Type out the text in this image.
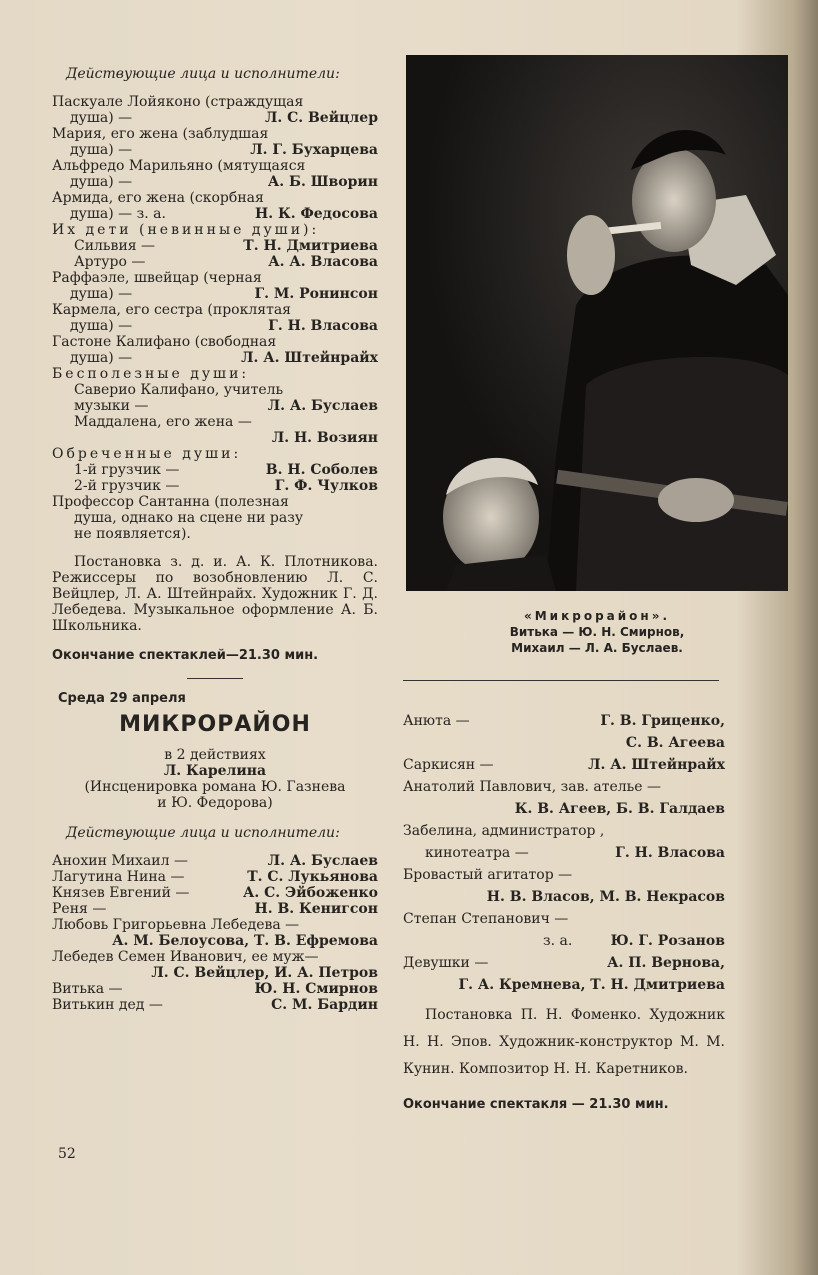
Действующие лица и исполнители:
Паскуале Лойяконо (страждущая
душа) —	Л. С. Вейцлер
Мария, его жена (заблудшая
душа) —	Л. Г. Бухарцева
Альфредо Марильяно (мятущаяся
душа) —	А. Б. Шворин
Армида, его жена (скорбная
душа) — з. а.	Н. К. Федосова
Их дети (невинные души):
Сильвия —	Т. Н. Дмитриева
Артуро —	А. А. Власова
Раффаэле, швейцар (черная
душа) —	Г. М. Ронинсон
Кармела, его сестра (проклятая
душа) —	Г. Н. Власова
Гастоне Калифано (свободная
душа) —	Л. А. Штейнрайх
Бесполезные души:
Саверио Калифано, учитель
музыки —	Л. А. Буслаев
Маддалена, его жена —
Л. Н. Возиян
Обреченные души:
1-й грузчик —	В. Н. Соболев
2-й грузчик —	Г. Ф. Чулков
Профессор Сантанна (полезная
душа, однако на сцене ни разу
не появляется).
Постановка з. д. и. А. К. Плотникова. Режиссеры по возобновлению Л. С. Вейцлер, Л. А. Штейнрайх. Художник Г. Д. Лебедева. Музыкальное оформление А. Б. Школьника.
Окончание спектаклей—21.30 мин.
Среда 29 апреля
МИКРОРАЙОН
в 2 действиях
Л. Карелина
(Инсценировка романа Ю. Газнева и Ю. Федорова)
Действующие лица и исполнители:
Анохин Михаил —	Л. А. Буслаев
Лагутина Нина —	Т. С. Лукьянова
Князев Евгений —	А. С. Эйбоженко
Реня —	Н. В. Кенигсон
Любовь Григорьевна Лебедева —
А. М. Белоусова, Т. В. Ефремова
Лебедев Семен Иванович, ее муж—
Л. С. Вейцлер, И. А. Петров
Витька —	Ю. Н. Смирнов
Витькин дед —	С. М. Бардин
52
«Микрорайон».
Витька — Ю. Н. Смирнов,
Михаил — Л. А. Буслаев.
Анюта —	Г. В. Гриценко,
С. В. Агеева
Саркисян —	Л. А. Штейнрайх
Анатолий Павлович, зав. ателье —
К. В. Агеев, Б. В. Галдаев
Забелина, администратор ,
кинотеатра —	Г. Н. Власова
Бровастый агитатор —
Н. В. Власов, М. В. Некрасов
Степан Степанович —
з. а.	Ю. Г. Розанов
Девушки —	А. П. Вернова,
Г. А. Кремнева, Т. Н. Дмитриева
Постановка П. Н. Фоменко. Художник Н. Н. Эпов. Художник-конструктор М. М. Кунин. Композитор Н. Н. Каретников.
Окончание спектакля — 21.30 мин.
